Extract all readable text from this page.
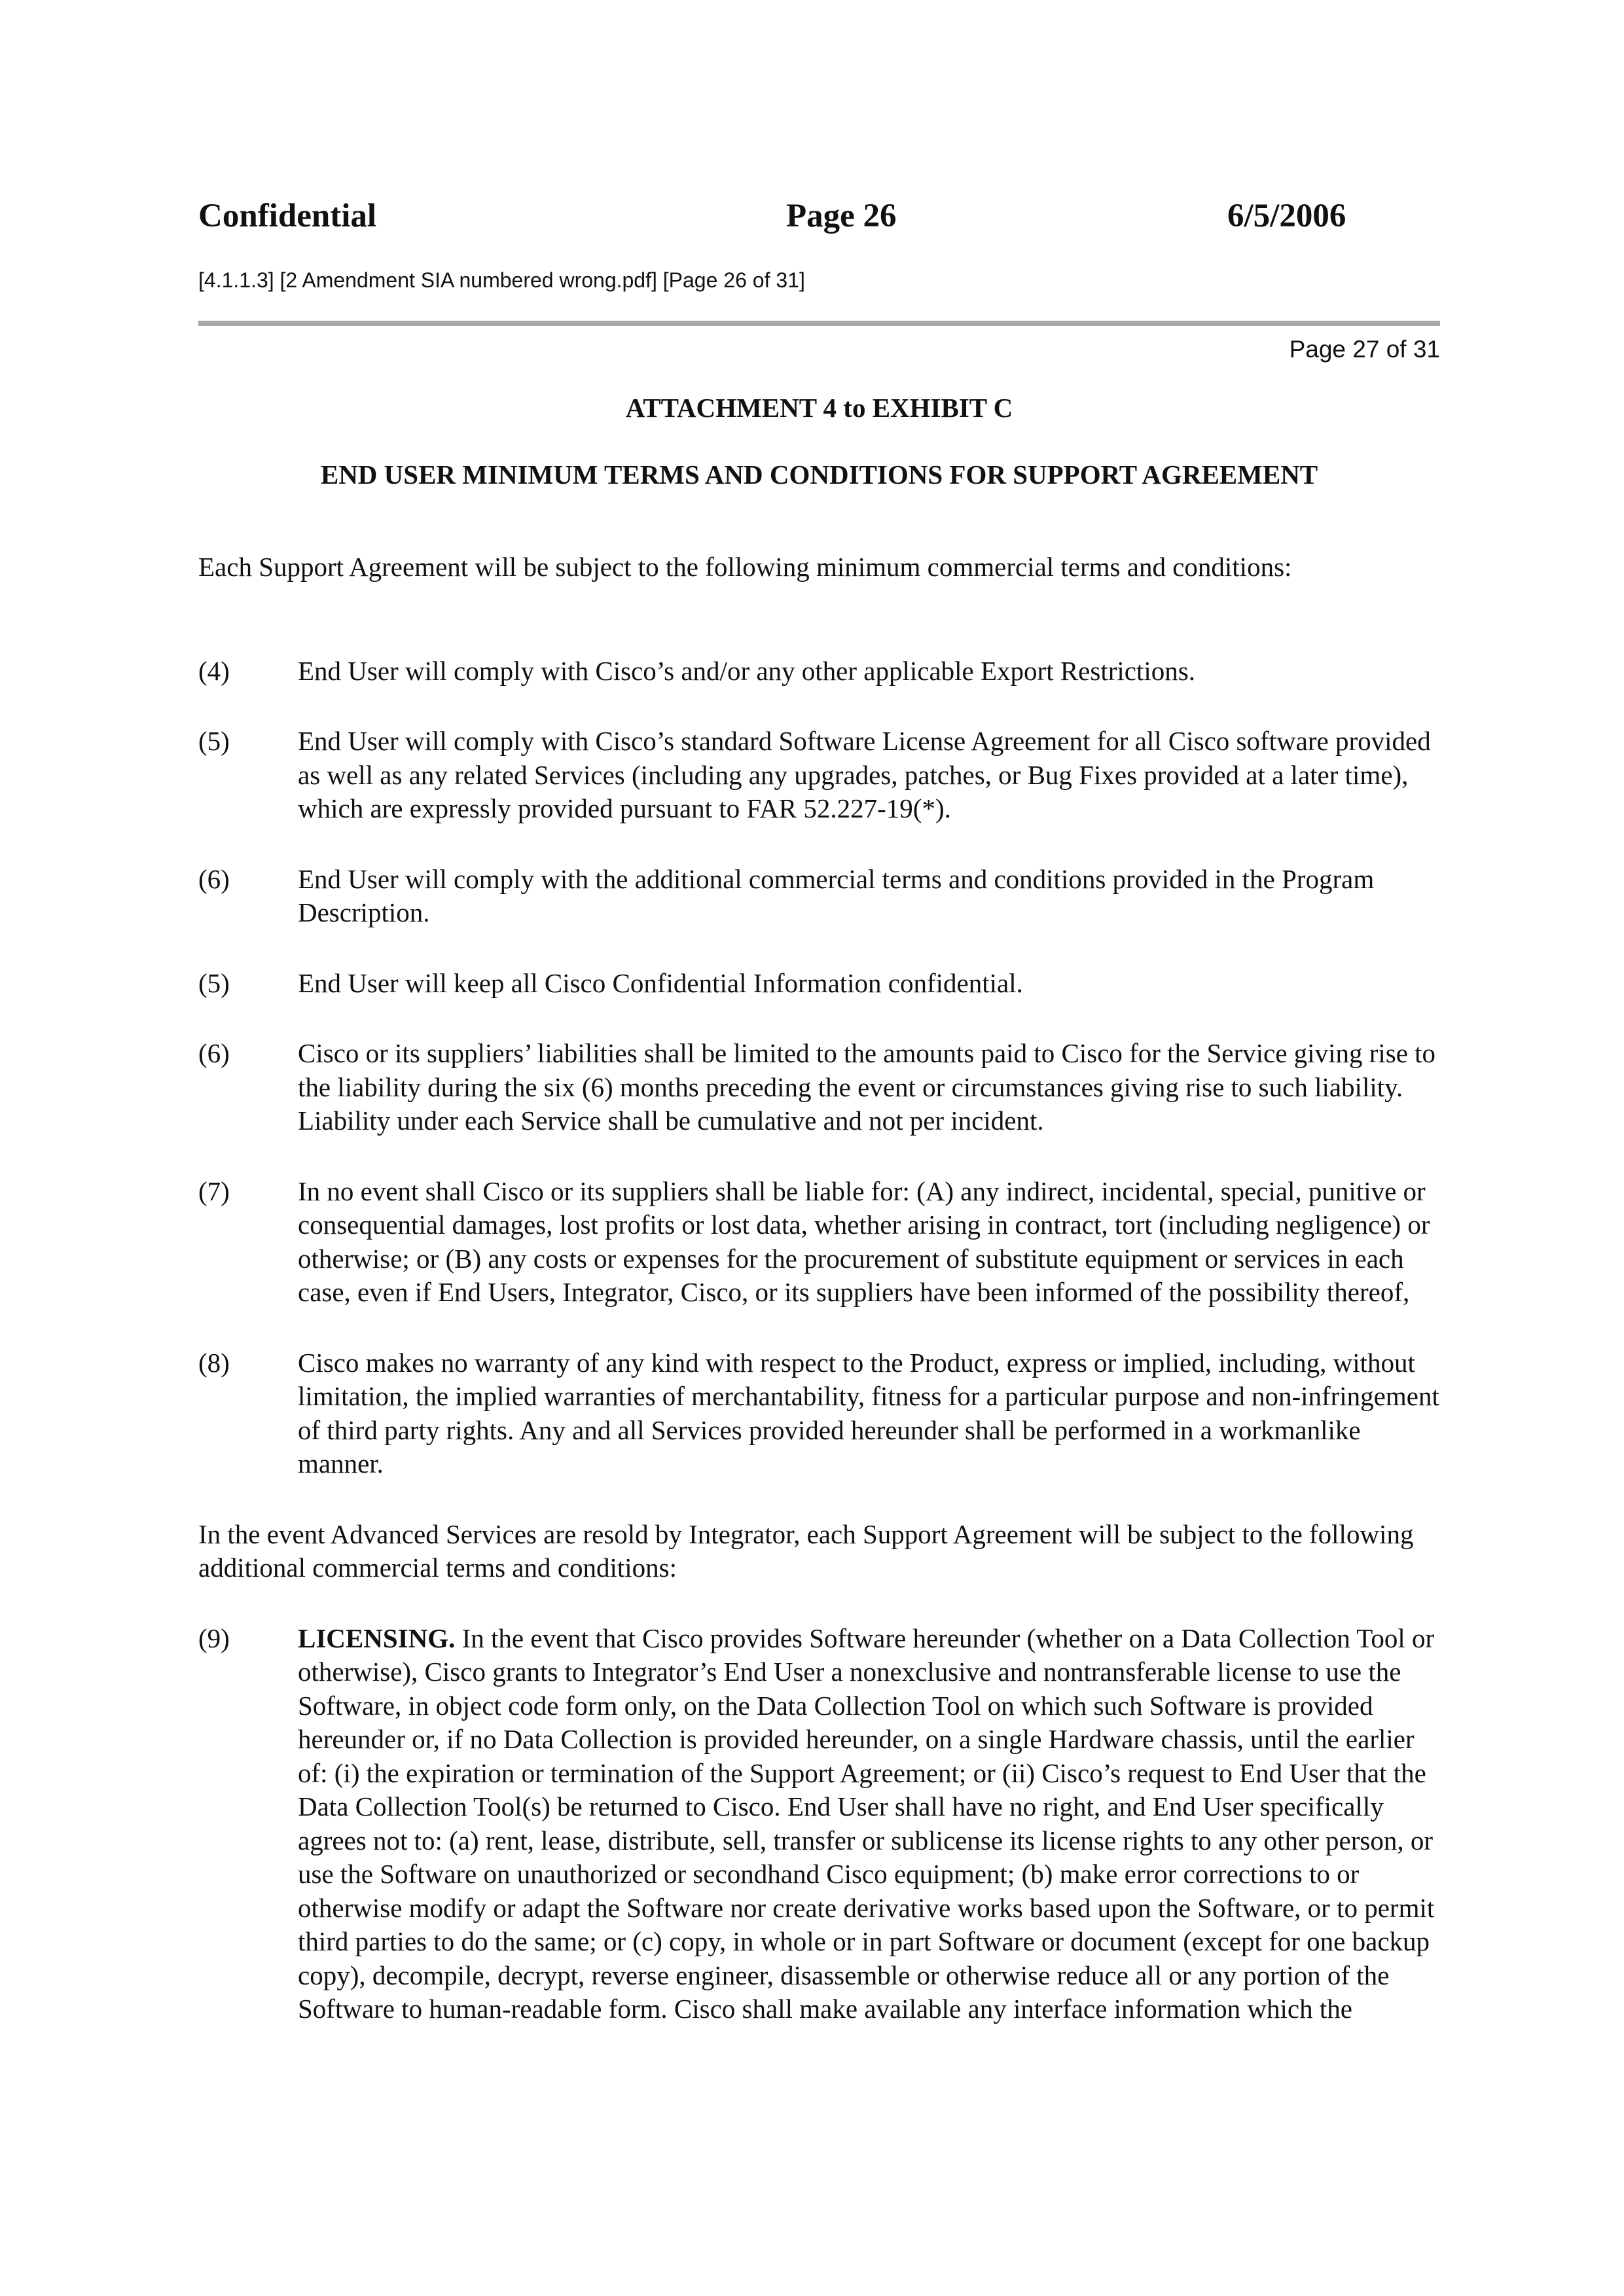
Confidential	Page 26	6/5/2006
[4.1.1.3] [2 Amendment SIA numbered wrong.pdf] [Page 26 of 31]
Page 27 of 31
ATTACHMENT 4 to EXHIBIT C
END USER MINIMUM TERMS AND CONDITIONS FOR SUPPORT AGREEMENT

Each Support Agreement will be subject to the following minimum commercial terms and conditions:

(4)	End User will comply with Cisco’s and/or any other applicable Export Restrictions.
(5)	End User will comply with Cisco’s standard Software License Agreement for all Cisco software provided as well as any related Services (including any upgrades, patches, or Bug Fixes provided at a later time), which are expressly provided pursuant to FAR 52.227-19(*).
(6)	End User will comply with the additional commercial terms and conditions provided in the Program Description.
(5)	End User will keep all Cisco Confidential Information confidential.
(6)	Cisco or its suppliers’ liabilities shall be limited to the amounts paid to Cisco for the Service giving rise to the liability during the six (6) months preceding the event or circumstances giving rise to such liability. Liability under each Service shall be cumulative and not per incident.
(7)	In no event shall Cisco or its suppliers shall be liable for: (A) any indirect, incidental, special, punitive or consequential damages, lost profits or lost data, whether arising in contract, tort (including negligence) or otherwise; or (B) any costs or expenses for the procurement of substitute equipment or services in each case, even if End Users, Integrator, Cisco, or its suppliers have been informed of the possibility thereof,
(8)	Cisco makes no warranty of any kind with respect to the Product, express or implied, including, without limitation, the implied warranties of merchantability, fitness for a particular purpose and non-infringement of third party rights. Any and all Services provided hereunder shall be performed in a workmanlike manner.

In the event Advanced Services are resold by Integrator, each Support Agreement will be subject to the following additional commercial terms and conditions:

(9)	LICENSING. In the event that Cisco provides Software hereunder (whether on a Data Collection Tool or otherwise), Cisco grants to Integrator’s End User a nonexclusive and nontransferable license to use the Software, in object code form only, on the Data Collection Tool on which such Software is provided hereunder or, if no Data Collection is provided hereunder, on a single Hardware chassis, until the earlier of: (i) the expiration or termination of the Support Agreement; or (ii) Cisco’s request to End User that the Data Collection Tool(s) be returned to Cisco. End User shall have no right, and End User specifically agrees not to: (a) rent, lease, distribute, sell, transfer or sublicense its license rights to any other person, or use the Software on unauthorized or secondhand Cisco equipment; (b) make error corrections to or otherwise modify or adapt the Software nor create derivative works based upon the Software, or to permit third parties to do the same; or (c) copy, in whole or in part Software or document (except for one backup copy), decompile, decrypt, reverse engineer, disassemble or otherwise reduce all or any portion of the Software to human-readable form. Cisco shall make available any interface information which the
